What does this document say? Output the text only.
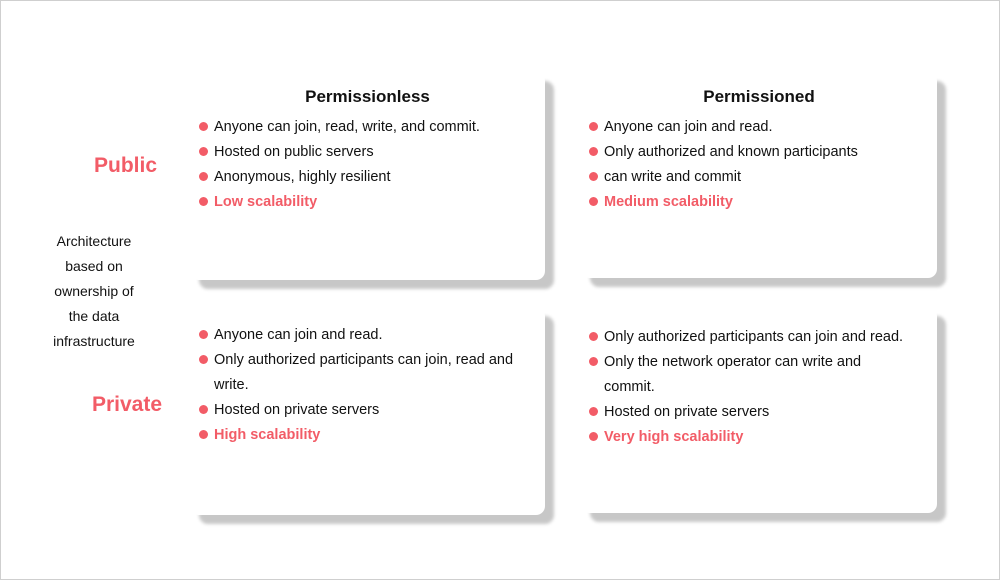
Public
Private
Architecture
based on
ownership of
the data
infrastructure
Permissionless
Anyone can join, read, write, and commit.
Hosted on public servers
Anonymous, highly resilient
Low scalability
Permissioned
Anyone can join and read.
Only authorized and known participants
can write and commit
Medium scalability
Anyone can join and read.
Only authorized participants can join, read and write.
Hosted on private servers
High scalability
Only authorized participants can join and read.
Only the network operator can write and commit.
Hosted on private servers
Very high scalability
